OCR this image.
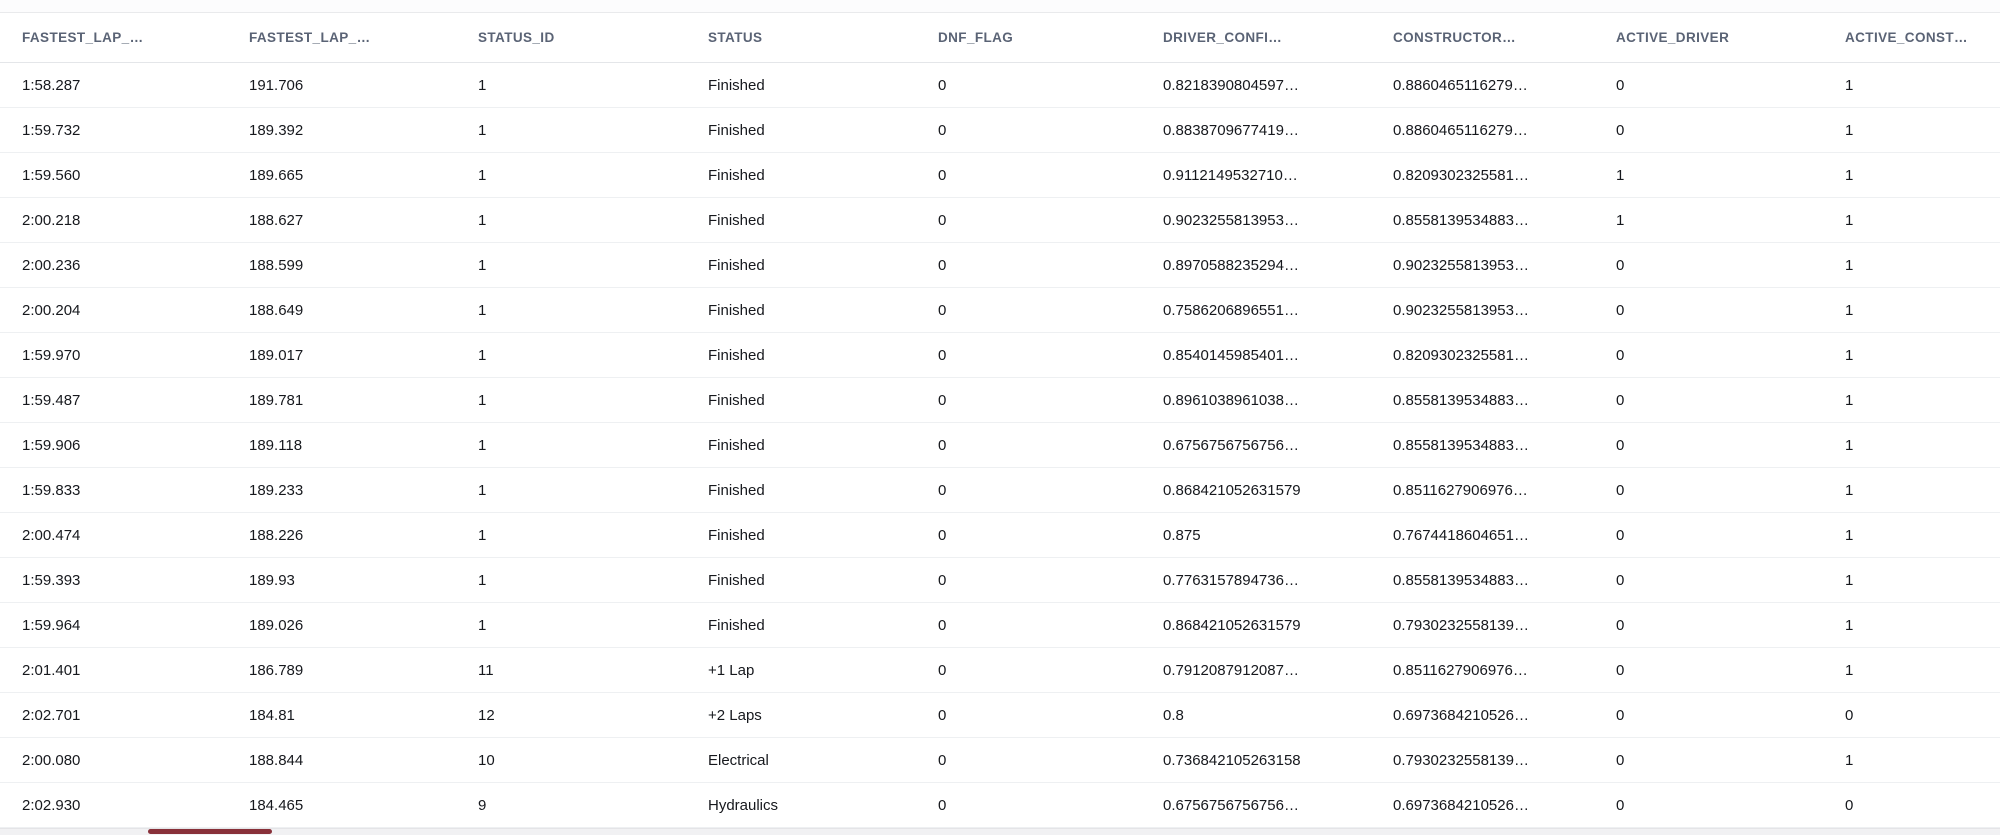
FASTEST_LAP_…	FASTEST_LAP_…	STATUS_ID	STATUS	DNF_FLAG	DRIVER_CONFI…	CONSTRUCTOR…	ACTIVE_DRIVER	ACTIVE_CONST…
1:58.287	191.706	1	Finished	0	0.8218390804597…	0.8860465116279…	0	1
1:59.732	189.392	1	Finished	0	0.8838709677419…	0.8860465116279…	0	1
1:59.560	189.665	1	Finished	0	0.9112149532710…	0.8209302325581…	1	1
2:00.218	188.627	1	Finished	0	0.9023255813953…	0.8558139534883…	1	1
2:00.236	188.599	1	Finished	0	0.8970588235294…	0.9023255813953…	0	1
2:00.204	188.649	1	Finished	0	0.7586206896551…	0.9023255813953…	0	1
1:59.970	189.017	1	Finished	0	0.8540145985401…	0.8209302325581…	0	1
1:59.487	189.781	1	Finished	0	0.8961038961038…	0.8558139534883…	0	1
1:59.906	189.118	1	Finished	0	0.6756756756756…	0.8558139534883…	0	1
1:59.833	189.233	1	Finished	0	0.868421052631579	0.8511627906976…	0	1
2:00.474	188.226	1	Finished	0	0.875	0.7674418604651…	0	1
1:59.393	189.93	1	Finished	0	0.7763157894736…	0.8558139534883…	0	1
1:59.964	189.026	1	Finished	0	0.868421052631579	0.7930232558139…	0	1
2:01.401	186.789	11	+1 Lap	0	0.7912087912087…	0.8511627906976…	0	1
2:02.701	184.81	12	+2 Laps	0	0.8	0.6973684210526…	0	0
2:00.080	188.844	10	Electrical	0	0.736842105263158	0.7930232558139…	0	1
2:02.930	184.465	9	Hydraulics	0	0.6756756756756…	0.6973684210526…	0	0
